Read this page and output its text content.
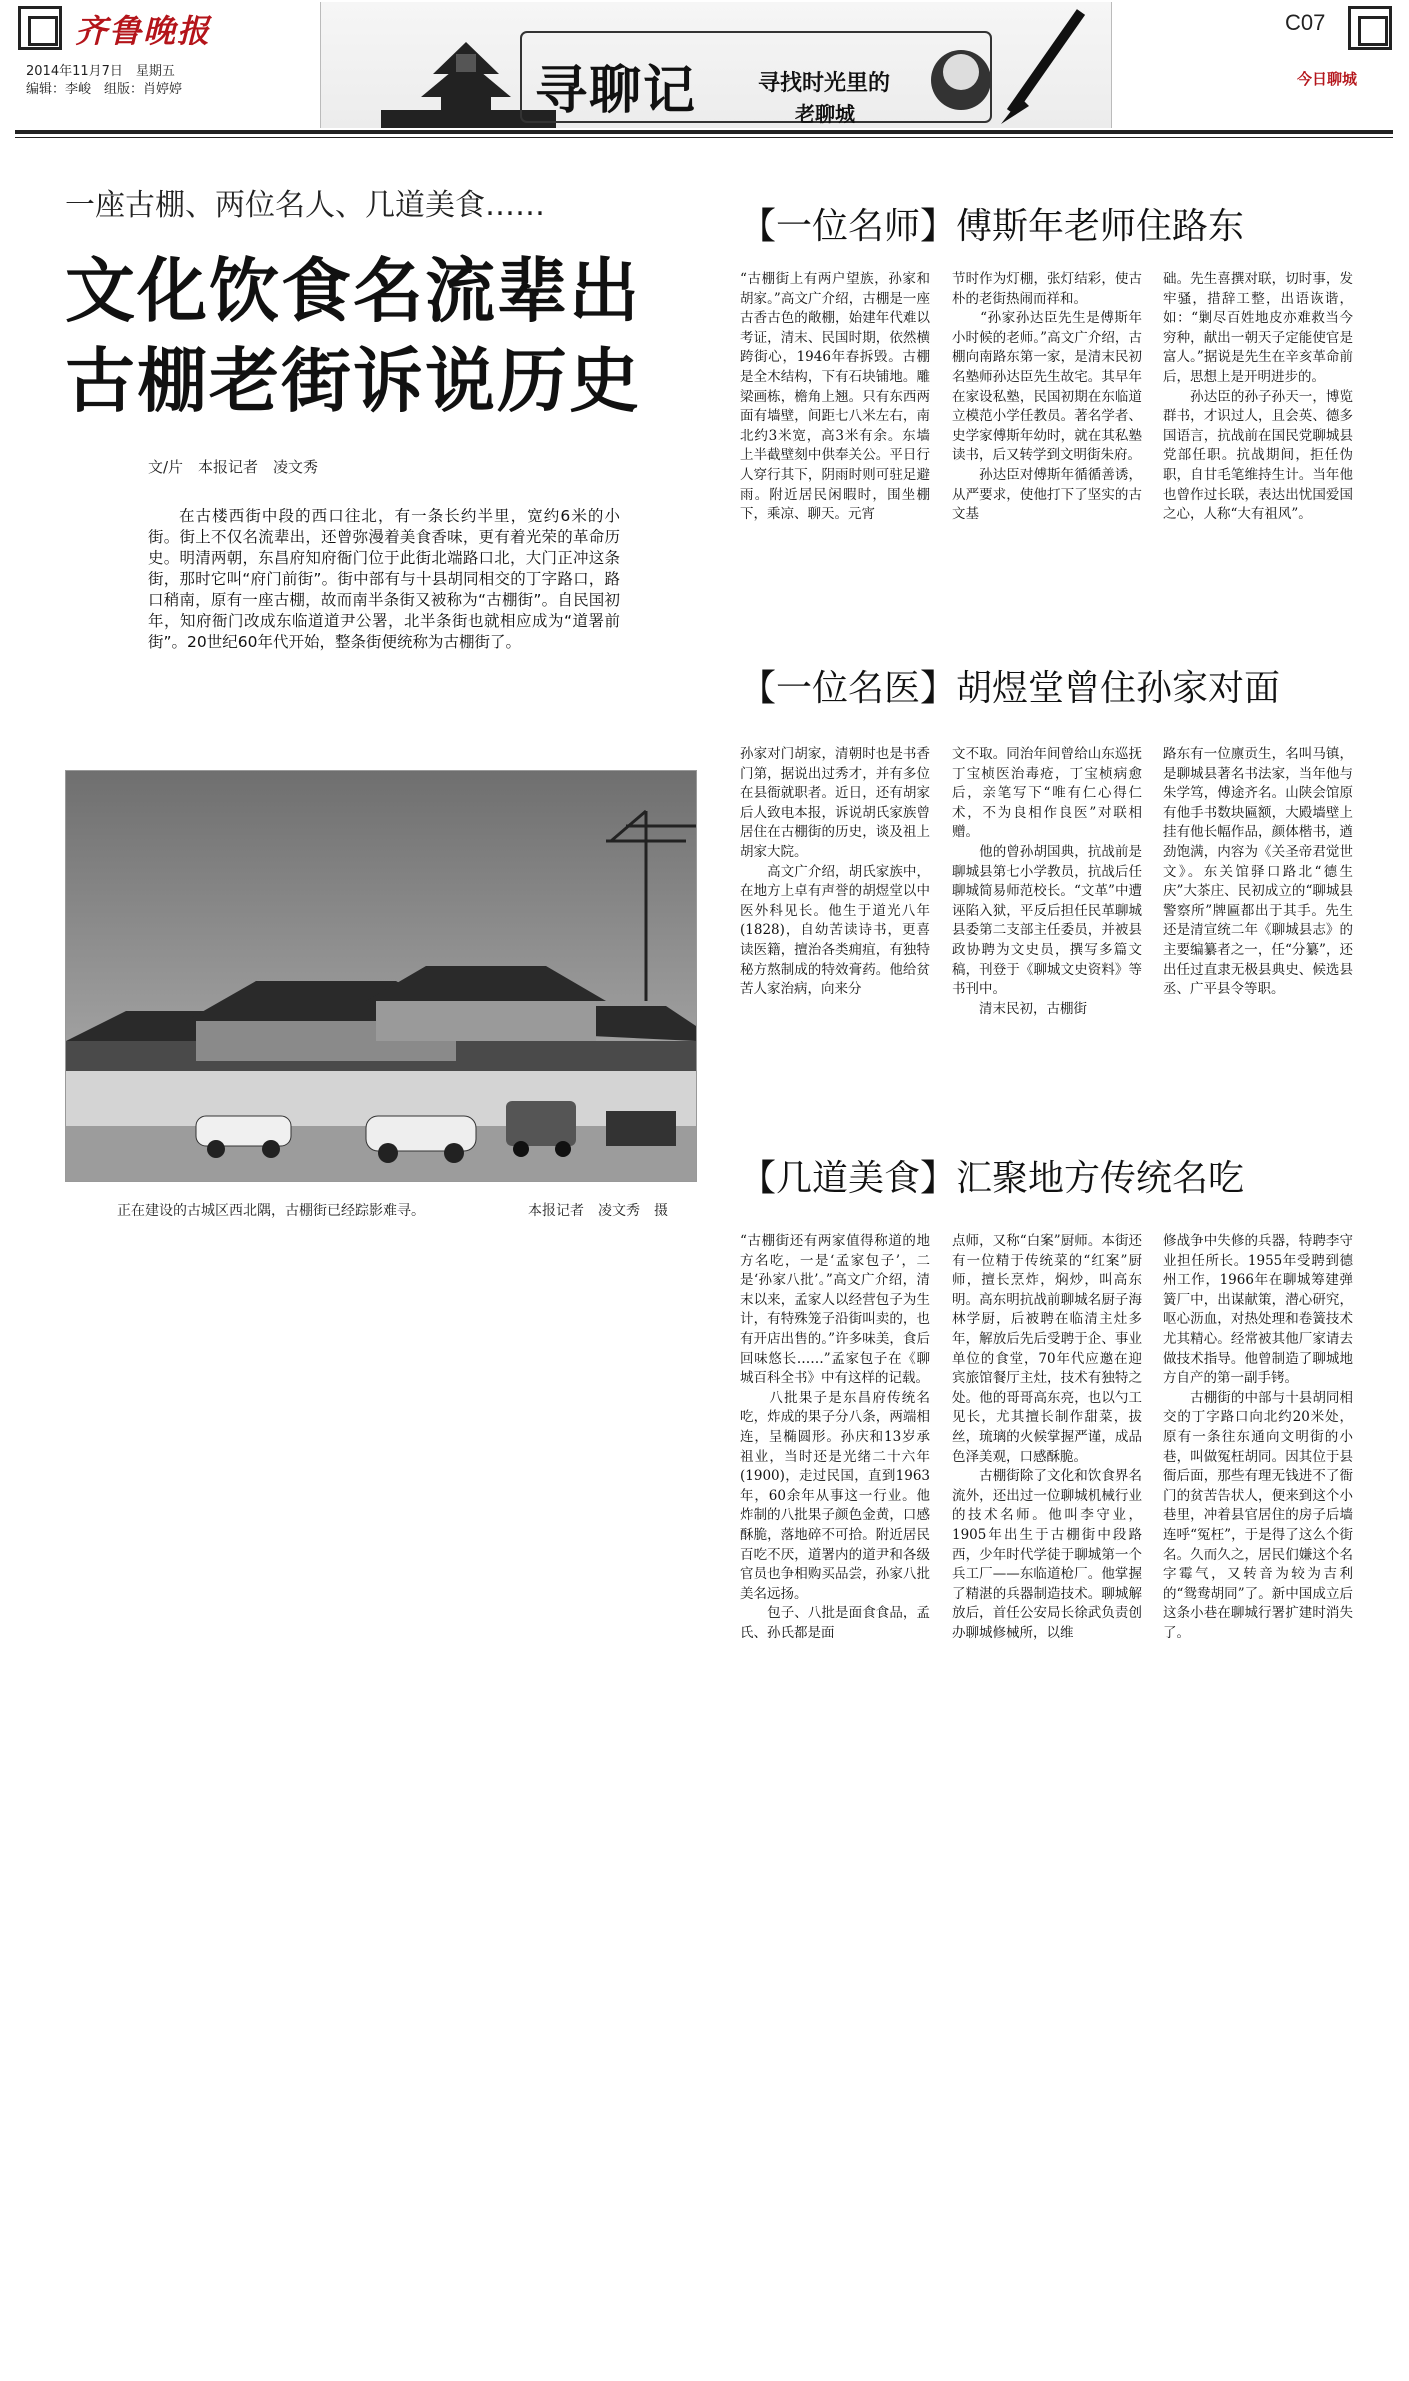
齐鲁晚报
2014年11月7日　星期五
编辑：李峻　组版：肖婷婷	寻聊记	寻找时光里的
老聊城
C07
今日聊城
一座古棚、两位名人、几道美食……
文化饮食名流辈出
古棚老街诉说历史
文/片　本报记者　凌文秀
在古楼西街中段的西口往北，有一条长约半里，宽约6米的小街。街上不仅名流辈出，还曾弥漫着美食香味，更有着光荣的革命历史。明清两朝，东昌府知府衙门位于此街北端路口北，大门正冲这条街，那时它叫“府门前街”。街中部有与十县胡同相交的丁字路口，路口稍南，原有一座古棚，故而南半条街又被称为“古棚街”。自民国初年，知府衙门改成东临道道尹公署，北半条街也就相应成为“道署前街”。20世纪60年代开始，整条街便统称为古棚街了。
正在建设的古城区西北隅，古棚街已经踪影难寻。	本报记者　凌文秀　摄
【一位名师】傅斯年老师住路东
“古棚街上有两户望族，孙家和胡家。”高文广介绍，古棚是一座古香古色的敞棚，始建年代难以考证，清末、民国时期，依然横跨街心，1946年春拆毁。古棚是全木结构，下有石块铺地。雕梁画栋，檐角上翘。只有东西两面有墙壁，间距七八米左右，南北约3米宽，高3米有余。东墙上半截壁刻中供奉关公。平日行人穿行其下，阴雨时则可驻足避雨。附近居民闲暇时，围坐棚下，乘凉、聊天。元宵
节时作为灯棚，张灯结彩，使古朴的老街热闹而祥和。
　　“孙家孙达臣先生是傅斯年小时候的老师。”高文广介绍，古棚向南路东第一家，是清末民初名塾师孙达臣先生故宅。其早年在家设私塾，民国初期在东临道立模范小学任教员。著名学者、史学家傅斯年幼时，就在其私塾读书，后又转学到文明街朱府。
　　孙达臣对傅斯年循循善诱，从严要求，使他打下了坚实的古文基
础。先生喜撰对联，切时事，发牢骚，措辞工整，出语诙谐，如：“剿尽百姓地皮亦难救当今穷种，献出一朝天子定能使官是富人。”据说是先生在辛亥革命前后，思想上是开明进步的。
　　孙达臣的孙子孙天一，博览群书，才识过人，且会英、德多国语言，抗战前在国民党聊城县党部任职。抗战期间，拒任伪职，自甘毛笔维持生计。当年他也曾作过长联，表达出忧国爱国之心，人称“大有祖风”。
【一位名医】胡煜堂曾住孙家对面
孙家对门胡家，清朝时也是书香门第，据说出过秀才，并有多位在县衙就职者。近日，还有胡家后人致电本报，诉说胡氏家族曾居住在古棚街的历史，谈及祖上胡家大院。
　　高文广介绍，胡氏家族中，在地方上卓有声誉的胡煜堂以中医外科见长。他生于道光八年(1828)，自幼苦读诗书，更喜读医籍，擅治各类痈疽，有独特秘方熬制成的特效膏药。他给贫苦人家治病，向来分
文不取。同治年间曾给山东巡抚丁宝桢医治毒疮，丁宝桢病愈后，亲笔写下“唯有仁心得仁术，不为良相作良医”对联相赠。
　　他的曾孙胡国典，抗战前是聊城县第七小学教员，抗战后任聊城简易师范校长。“文革”中遭诬陷入狱，平反后担任民革聊城县委第二支部主任委员，并被县政协聘为文史员，撰写多篇文稿，刊登于《聊城文史资料》等书刊中。
　　清末民初，古棚街
路东有一位廪贡生，名叫马镇，是聊城县著名书法家，当年他与朱学笃，傅途齐名。山陕会馆原有他手书数块匾额，大殿墙壁上挂有他长幅作品，颜体楷书，遒劲饱满，内容为《关圣帝君觉世文》。东关馆驿口路北“德生庆”大茶庄、民初成立的“聊城县警察所”牌匾都出于其手。先生还是清宣统二年《聊城县志》的主要编纂者之一，任“分纂”，还出任过直隶无极县典史、候选县丞、广平县令等职。
【几道美食】汇聚地方传统名吃
“古棚街还有两家值得称道的地方名吃，一是‘孟家包子’，二是‘孙家八批’。”高文广介绍，清末以来，孟家人以经营包子为生计，有特殊笼子沿街叫卖的，也有开店出售的。”许多味美，食后回味悠长……”孟家包子在《聊城百科全书》中有这样的记载。
　　八批果子是东昌府传统名吃，炸成的果子分八条，两端相连，呈椭圆形。孙庆和13岁承祖业，当时还是光绪二十六年(1900)，走过民国，直到1963年，60余年从事这一行业。他炸制的八批果子颜色金黄，口感酥脆，落地碎不可拾。附近居民百吃不厌，道署内的道尹和各级官员也争相购买品尝，孙家八批美名远扬。
　　包子、八批是面食食品，孟氏、孙氏都是面
点师，又称“白案”厨师。本街还有一位精于传统菜的“红案”厨师，擅长烹炸，焖炒，叫高东明。高东明抗战前聊城名厨子海林学厨，后被聘在临清主灶多年，解放后先后受聘于企、事业单位的食堂，70年代应邀在迎宾旅馆餐厅主灶，技术有独特之处。他的哥哥高东亮，也以勺工见长，尤其擅长制作甜菜，拔丝，琉璃的火候掌握严谨，成品色泽美观，口感酥脆。
　　古棚街除了文化和饮食界名流外，还出过一位聊城机械行业的技术名师。他叫李守业，1905年出生于古棚街中段路西，少年时代学徒于聊城第一个兵工厂——东临道枪厂。他掌握了精湛的兵器制造技术。聊城解放后，首任公安局长徐武负责创办聊城修械所，以维
修战争中失修的兵器，特聘李守业担任所长。1955年受聘到德州工作，1966年在聊城筹建弹簧厂中，出谋献策，潜心研究，呕心沥血，对热处理和卷簧技术尤其精心。经常被其他厂家请去做技术指导。他曾制造了聊城地方自产的第一副手铐。
　　古棚街的中部与十县胡同相交的丁字路口向北约20米处，原有一条往东通向文明街的小巷，叫做冤枉胡同。因其位于县衙后面，那些有理无钱进不了衙门的贫苦告状人，便来到这个小巷里，冲着县官居住的房子后墙连呼“冤枉”，于是得了这么个街名。久而久之，居民们嫌这个名字霉气，又转音为较为吉利的“鸳鸯胡同”了。新中国成立后这条小巷在聊城行署扩建时消失了。
